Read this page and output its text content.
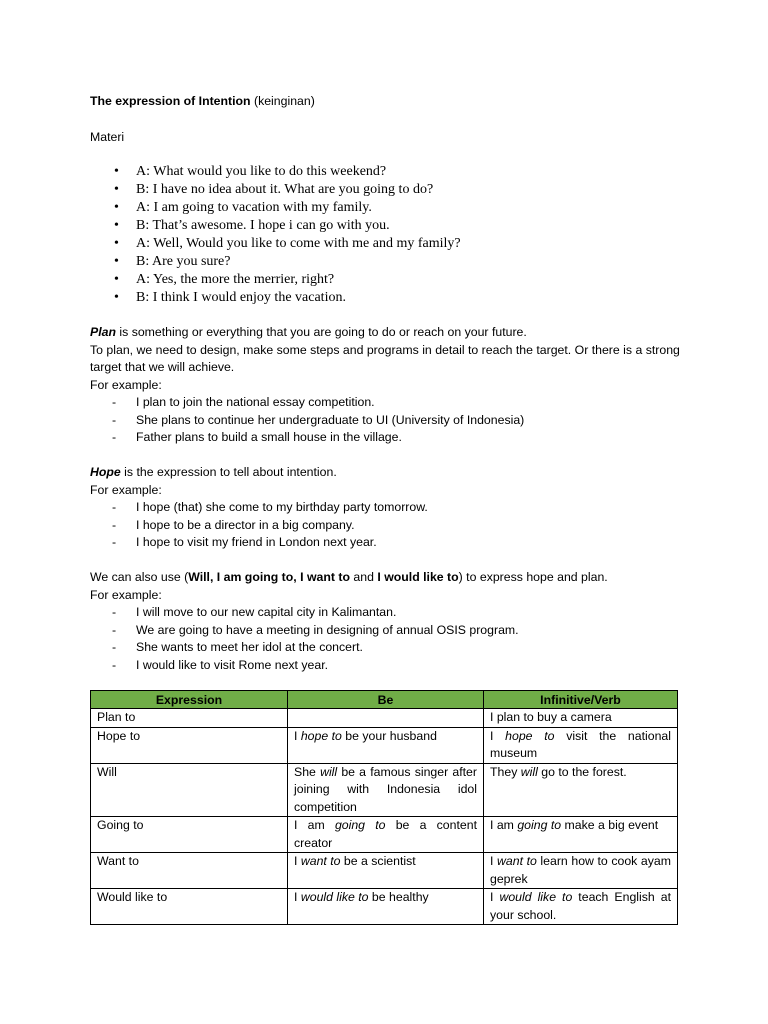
The expression of Intention (keinginan)
Materi
• A: What would you like to do this weekend?
• B: I have no idea about it. What are you going to do?
• A: I am going to vacation with my family.
• B: That’s awesome. I hope i can go with you.
• A: Well, Would you like to come with me and my family?
• B: Are you sure?
• A: Yes, the more the merrier, right?
• B: I think I would enjoy the vacation.

Plan is something or everything that you are going to do or reach on your future.

To plan, we need to design, make some steps and programs in detail to reach the target. Or there is a strong target that we will achieve.

For example:

- I plan to join the national essay competition.
- She plans to continue her undergraduate to UI (University of Indonesia)
- Father plans to build a small house in the village.

Hope is the expression to tell about intention.

For example:

- I hope (that) she come to my birthday party tomorrow.
- I hope to be a director in a big company.
- I hope to visit my friend in London next year.

We can also use (Will, I am going to, I want to and I would like to) to express hope and plan.

For example:

- I will move to our new capital city in Kalimantan.
- We are going to have a meeting in designing of annual OSIS program.
- She wants to meet her idol at the concert.
- I would like to visit Rome next year.
Expression	Be	Infinitive/Verb
Plan to		I plan to buy a camera
Hope to	I hope to be your husband	I hope to visit the national museum
Will	She will be a famous singer after joining with Indonesia idol competition	They will go to the forest.
Going to	I am going to be a content creator	I am going to make a big event
Want to	I want to be a scientist	I want to learn how to cook ayam geprek
Would like to	I would like to be healthy	I would like to teach English at your school.
